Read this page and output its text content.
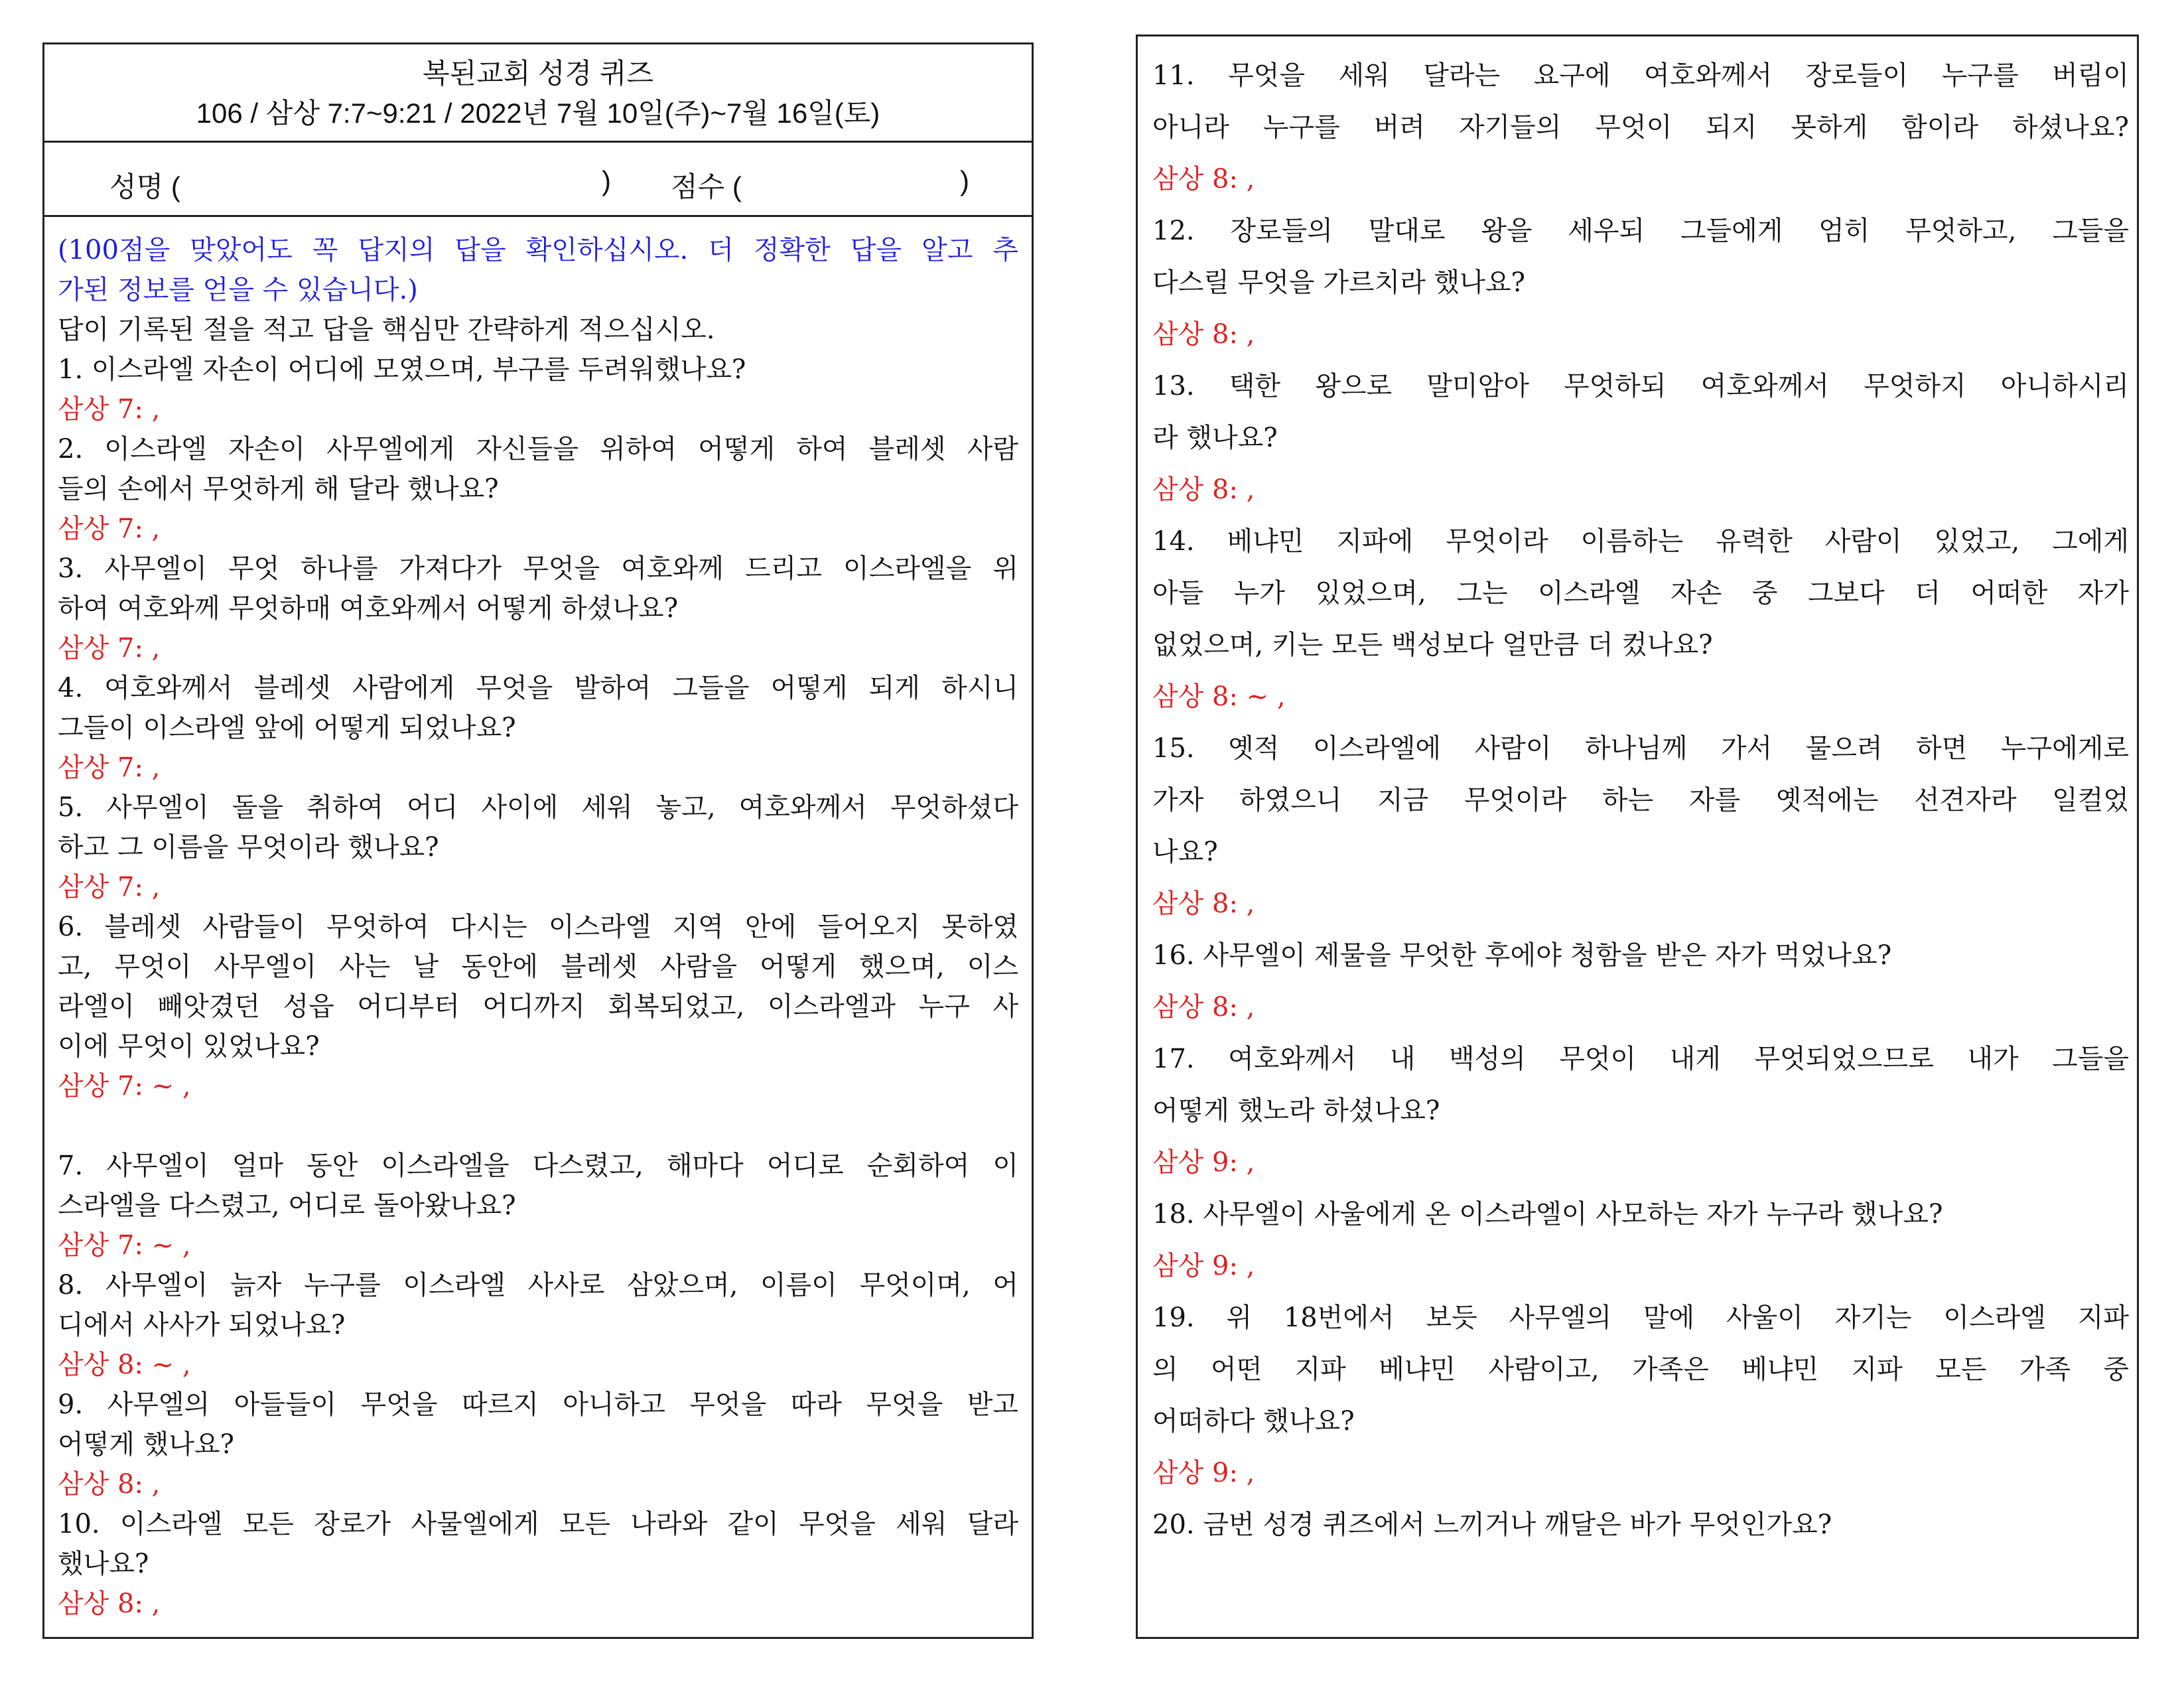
복된교회 성경 퀴즈
106 / 삼상 7:7~9:21 / 2022년 7월 10일(주)~7월 16일(토)
성명 (	) 점수 (	)
(100점을 맞았어도 꼭 답지의 답을 확인하십시오. 더 정확한 답을 알고 추
가된 정보를 얻을 수 있습니다.)
답이 기록된 절을 적고 답을 핵심만 간략하게 적으십시오.
1. 이스라엘 자손이 어디에 모였으며, 부구를 두려워했나요?
삼상 7: ,
2. 이스라엘 자손이 사무엘에게 자신들을 위하여 어떻게 하여 블레셋 사람
들의 손에서 무엇하게 해 달라 했나요?
삼상 7: ,
3. 사무엘이 무엇 하나를 가져다가 무엇을 여호와께 드리고 이스라엘을 위
하여 여호와께 무엇하매 여호와께서 어떻게 하셨나요?
삼상 7: ,
4. 여호와께서 블레셋 사람에게 무엇을 발하여 그들을 어떻게 되게 하시니
그들이 이스라엘 앞에 어떻게 되었나요?
삼상 7: ,
5. 사무엘이 돌을 취하여 어디 사이에 세워 놓고, 여호와께서 무엇하셨다
하고 그 이름을 무엇이라 했나요?
삼상 7: ,
6. 블레셋 사람들이 무엇하여 다시는 이스라엘 지역 안에 들어오지 못하였
고, 무엇이 사무엘이 사는 날 동안에 블레셋 사람을 어떻게 했으며, 이스
라엘이 빼앗겼던 성읍 어디부터 어디까지 회복되었고, 이스라엘과 누구 사
이에 무엇이 있었나요?
삼상 7: ~ ,
7. 사무엘이 얼마 동안 이스라엘을 다스렸고, 해마다 어디로 순회하여 이
스라엘을 다스렸고, 어디로 돌아왔나요?
삼상 7: ~ ,
8. 사무엘이 늙자 누구를 이스라엘 사사로 삼았으며, 이름이 무엇이며, 어
디에서 사사가 되었나요?
삼상 8: ~ ,
9. 사무엘의 아들들이 무엇을 따르지 아니하고 무엇을 따라 무엇을 받고
어떻게 했나요?
삼상 8: ,
10. 이스라엘 모든 장로가 사물엘에게 모든 나라와 같이 무엇을 세워 달라
했나요?
삼상 8: ,
11. 무엇을 세워 달라는 요구에 여호와께서 장로들이 누구를 버림이
아니라 누구를 버려 자기들의 무엇이 되지 못하게 함이라 하셨나요?
삼상 8: ,
12. 장로들의 말대로 왕을 세우되 그들에게 엄히 무엇하고, 그들을
다스릴 무엇을 가르치라 했나요?
삼상 8: ,
13. 택한 왕으로 말미암아 무엇하되 여호와께서 무엇하지 아니하시리
라 했나요?
삼상 8: ,
14. 베냐민 지파에 무엇이라 이름하는 유력한 사람이 있었고, 그에게
아들 누가 있었으며, 그는 이스라엘 자손 중 그보다 더 어떠한 자가
없었으며, 키는 모든 백성보다 얼만큼 더 컸나요?
삼상 8: ~ ,
15. 옛적 이스라엘에 사람이 하나님께 가서 물으려 하면 누구에게로
가자 하였으니 지금 무엇이라 하는 자를 옛적에는 선견자라 일컬었
나요?
삼상 8: ,
16. 사무엘이 제물을 무엇한 후에야 청함을 받은 자가 먹었나요?
삼상 8: ,
17. 여호와께서 내 백성의 무엇이 내게 무엇되었으므로 내가 그들을
어떻게 했노라 하셨나요?
삼상 9: ,
18. 사무엘이 사울에게 온 이스라엘이 사모하는 자가 누구라 했나요?
삼상 9: ,
19. 위 18번에서 보듯 사무엘의 말에 사울이 자기는 이스라엘 지파
의 어떤 지파 베냐민 사람이고, 가족은 베냐민 지파 모든 가족 중
어떠하다 했나요?
삼상 9: ,
20. 금번 성경 퀴즈에서 느끼거나 깨달은 바가 무엇인가요?
